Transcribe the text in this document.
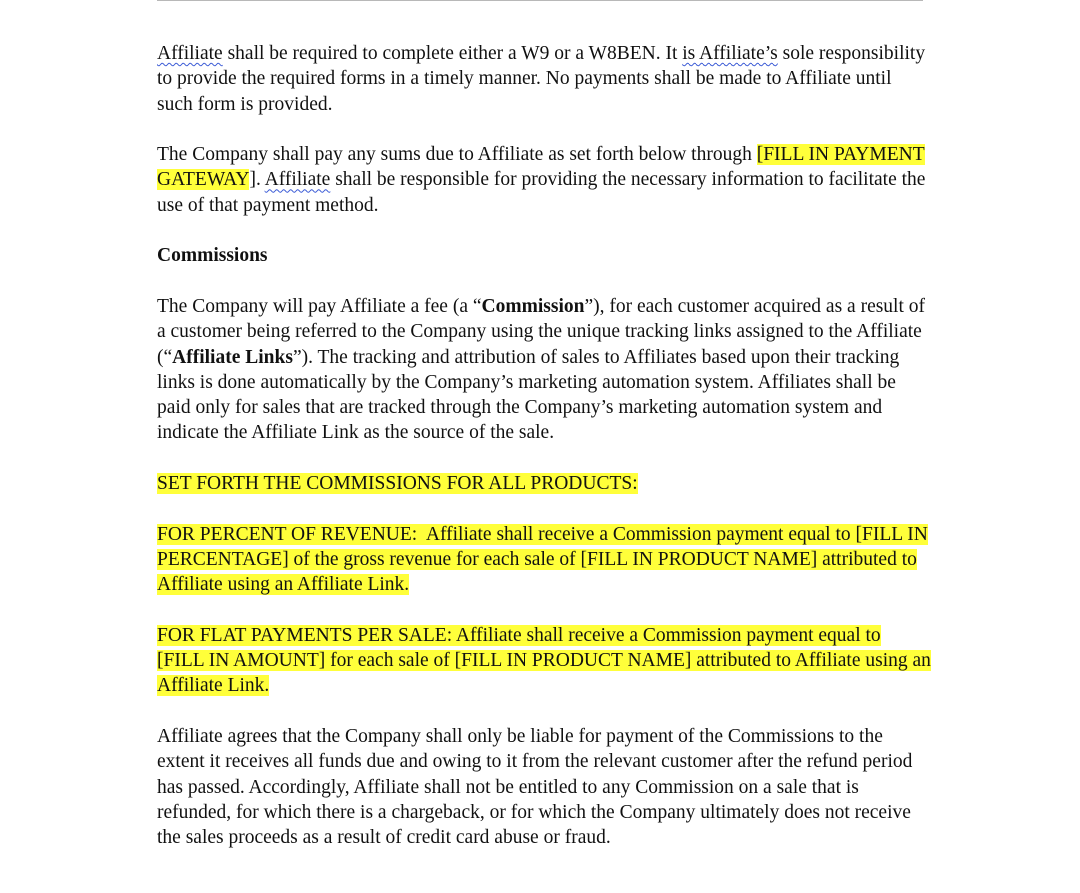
Affiliate shall be required to complete either a W9 or a W8BEN. It is Affiliate’s sole responsibility to provide the required forms in a timely manner. No payments shall be made to Affiliate until such form is provided.

The Company shall pay any sums due to Affiliate as set forth below through [FILL IN PAYMENT GATEWAY]. Affiliate shall be responsible for providing the necessary information to facilitate the use of that payment method.

Commissions

The Company will pay Affiliate a fee (a “Commission”), for each customer acquired as a result of a customer being referred to the Company using the unique tracking links assigned to the Affiliate (“Affiliate Links”). The tracking and attribution of sales to Affiliates based upon their tracking links is done automatically by the Company’s marketing automation system. Affiliates shall be paid only for sales that are tracked through the Company’s marketing automation system and indicate the Affiliate Link as the source of the sale.

SET FORTH THE COMMISSIONS FOR ALL PRODUCTS:

FOR PERCENT OF REVENUE:  Affiliate shall receive a Commission payment equal to [FILL IN PERCENTAGE] of the gross revenue for each sale of [FILL IN PRODUCT NAME] attributed to Affiliate using an Affiliate Link.

FOR FLAT PAYMENTS PER SALE: Affiliate shall receive a Commission payment equal to [FILL IN AMOUNT] for each sale of [FILL IN PRODUCT NAME] attributed to Affiliate using an Affiliate Link.

Affiliate agrees that the Company shall only be liable for payment of the Commissions to the extent it receives all funds due and owing to it from the relevant customer after the refund period has passed. Accordingly, Affiliate shall not be entitled to any Commission on a sale that is refunded, for which there is a chargeback, or for which the Company ultimately does not receive the sales proceeds as a result of credit card abuse or fraud.
